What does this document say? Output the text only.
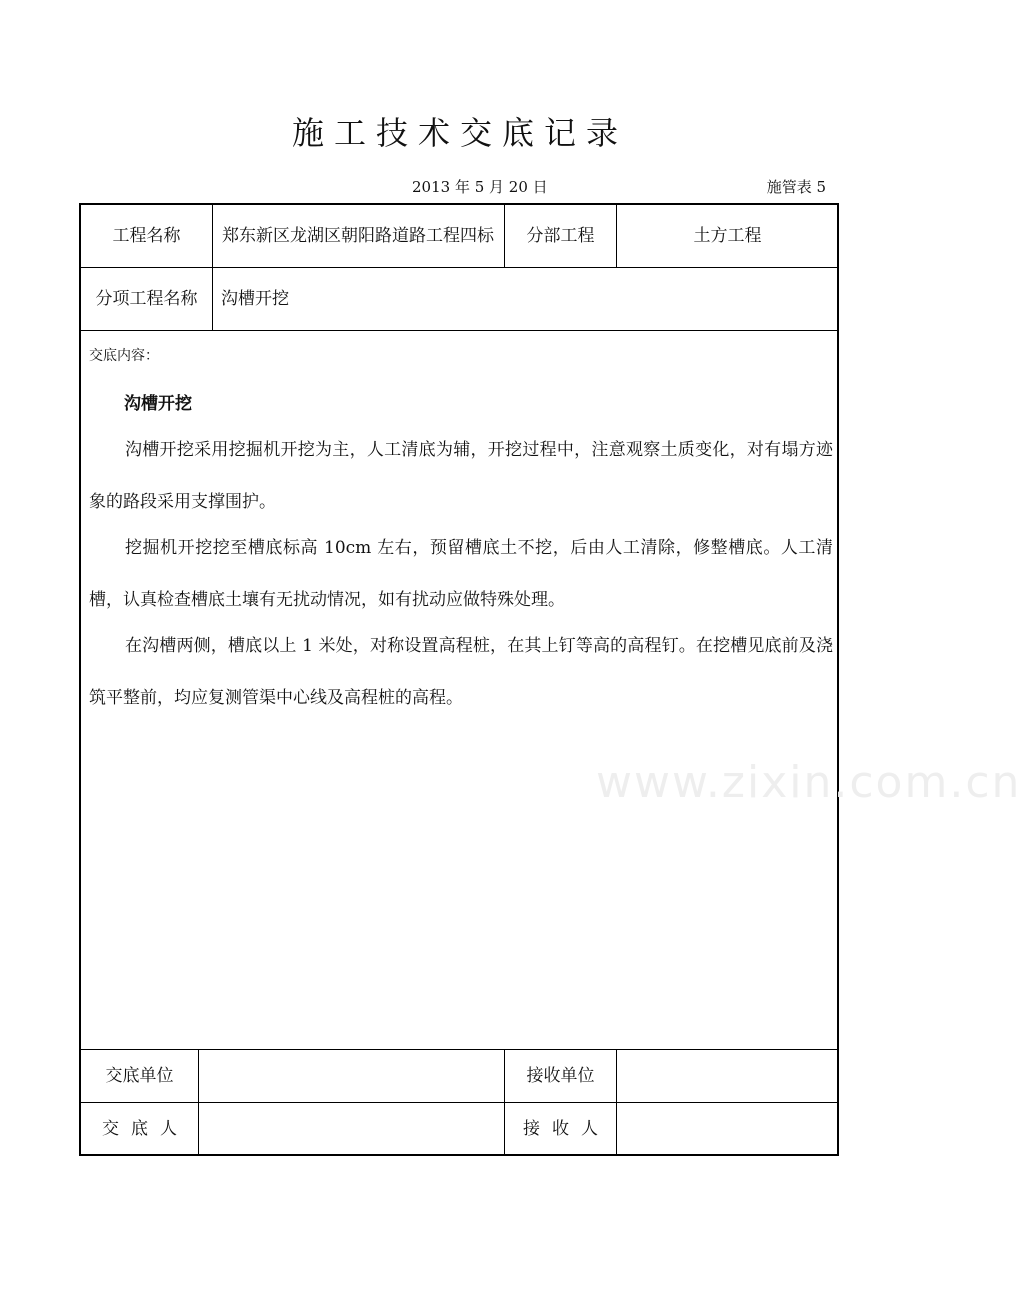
施工技术交底记录
2013 年 5 月 20 日	施管表 5
工程名称	郑东新区龙湖区朝阳路道路工程四标	分部工程	土方工程
分项工程名称	沟槽开挖
交底内容：
沟槽开挖

沟槽开挖采用挖掘机开挖为主，人工清底为辅，开挖过程中，注意观察土质变化，对有塌方迹象的路段采用支撑围护。

挖掘机开挖挖至槽底标高 10cm 左右，预留槽底土不挖，后由人工清除，修整槽底。人工清槽，认真检查槽底土壤有无扰动情况，如有扰动应做特殊处理。

在沟槽两侧，槽底以上 1 米处，对称设置高程桩，在其上钉等高的高程钉。在挖槽见底前及浇筑平整前，均应复测管渠中心线及高程桩的高程。

www.zixin.com.cn
交底单位	接收单位
交底人	接收人
